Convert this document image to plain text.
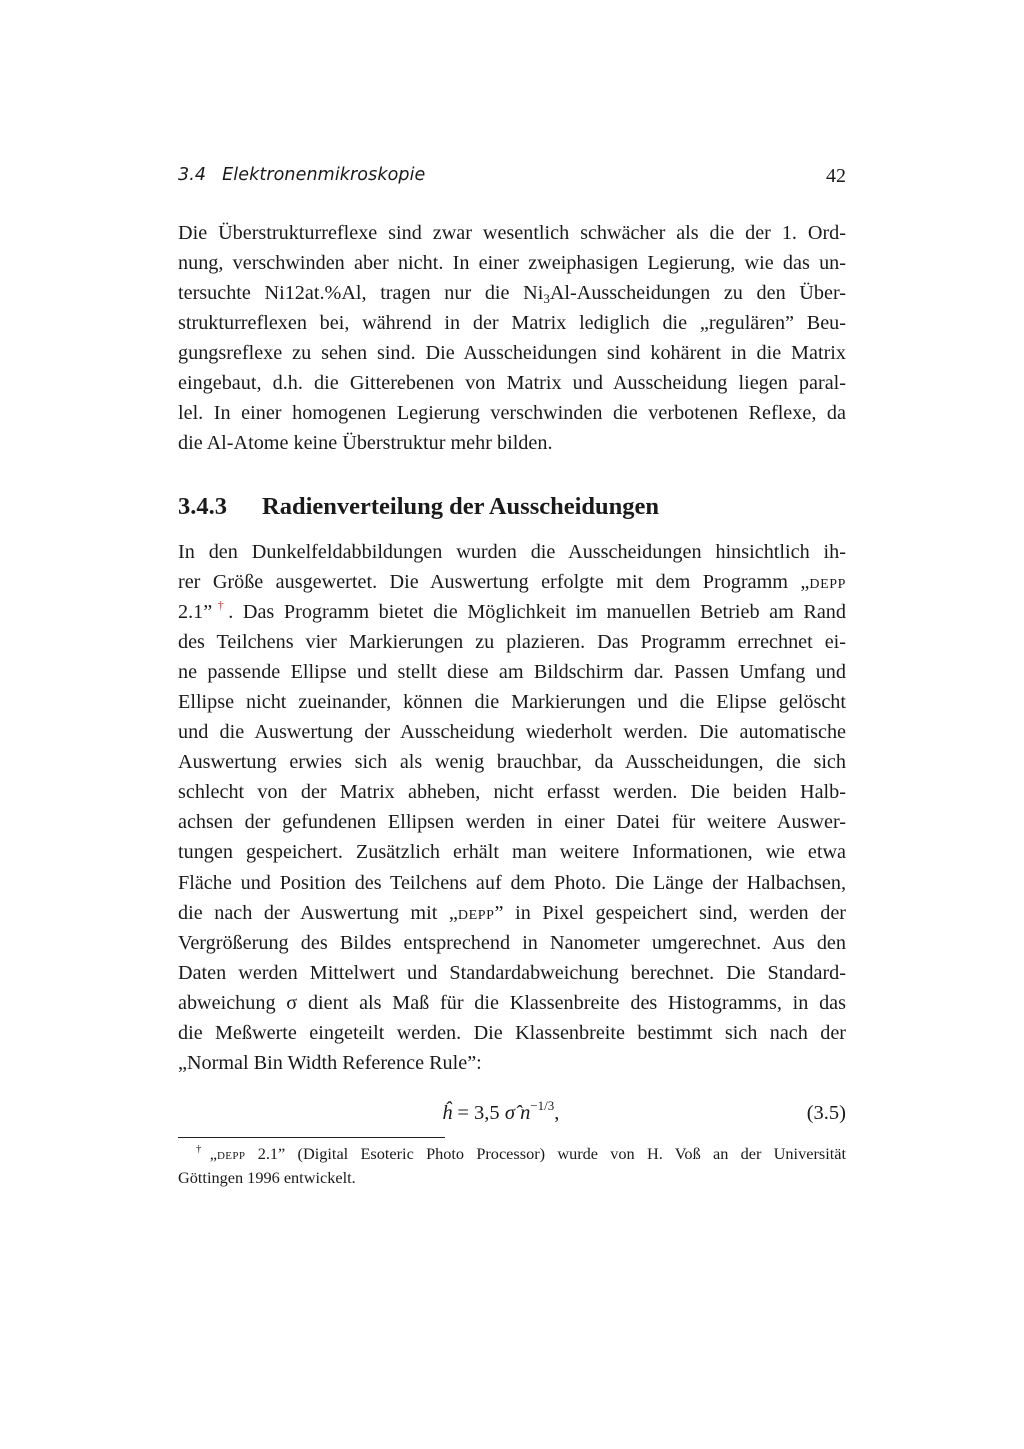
3.4 Elektronenmikroskopie	42
Die Überstrukturreflexe sind zwar wesentlich schwächer als die der 1. Ord-
nung, verschwinden aber nicht. In einer zweiphasigen Legierung, wie das un-
tersuchte Ni12at.%Al, tragen nur die $Ni_3Al$-Ausscheidungen zu den Über-
strukturreflexen bei, während in der Matrix lediglich die „regulären” Beu-
gungsreflexe zu sehen sind. Die Ausscheidungen sind kohärent in die Matrix
eingebaut, d.h. die Gitterebenen von Matrix und Ausscheidung liegen paral-
lel. In einer homogenen Legierung verschwinden die verbotenen Reflexe, da
die Al-Atome keine Überstruktur mehr bilden.
3.4.3 Radienverteilung der Ausscheidungen
In den Dunkelfeldabbildungen wurden die Ausscheidungen hinsichtlich ih-
rer Größe ausgewertet. Die Auswertung erfolgte mit dem Programm „depp
2.1”†. Das Programm bietet die Möglichkeit im manuellen Betrieb am Rand
des Teilchens vier Markierungen zu plazieren. Das Programm errechnet ei-
ne passende Ellipse und stellt diese am Bildschirm dar. Passen Umfang und
Ellipse nicht zueinander, können die Markierungen und die Elipse gelöscht
und die Auswertung der Ausscheidung wiederholt werden. Die automatische
Auswertung erwies sich als wenig brauchbar, da Ausscheidungen, die sich
schlecht von der Matrix abheben, nicht erfasst werden. Die beiden Halb-
achsen der gefundenen Ellipsen werden in einer Datei für weitere Auswer-
tungen gespeichert. Zusätzlich erhält man weitere Informationen, wie etwa
Fläche und Position des Teilchens auf dem Photo. Die Länge der Halbachsen,
die nach der Auswertung mit „depp” in Pixel gespeichert sind, werden der
Vergrößerung des Bildes entsprechend in Nanometer umgerechnet. Aus den
Daten werden Mittelwert und Standardabweichung berechnet. Die Standard-
abweichung σ dient als Maß für die Klassenbreite des Histogramms, in das
die Meßwerte eingeteilt werden. Die Klassenbreite bestimmt sich nach der
„Normal Bin Width Reference Rule”:
ĥ = 3,5 σ̂ $n^{-1/3}$,	(3.5)
†„depp 2.1” (Digital Esoteric Photo Processor) wurde von H. Voß an der Universität
Göttingen 1996 entwickelt.
